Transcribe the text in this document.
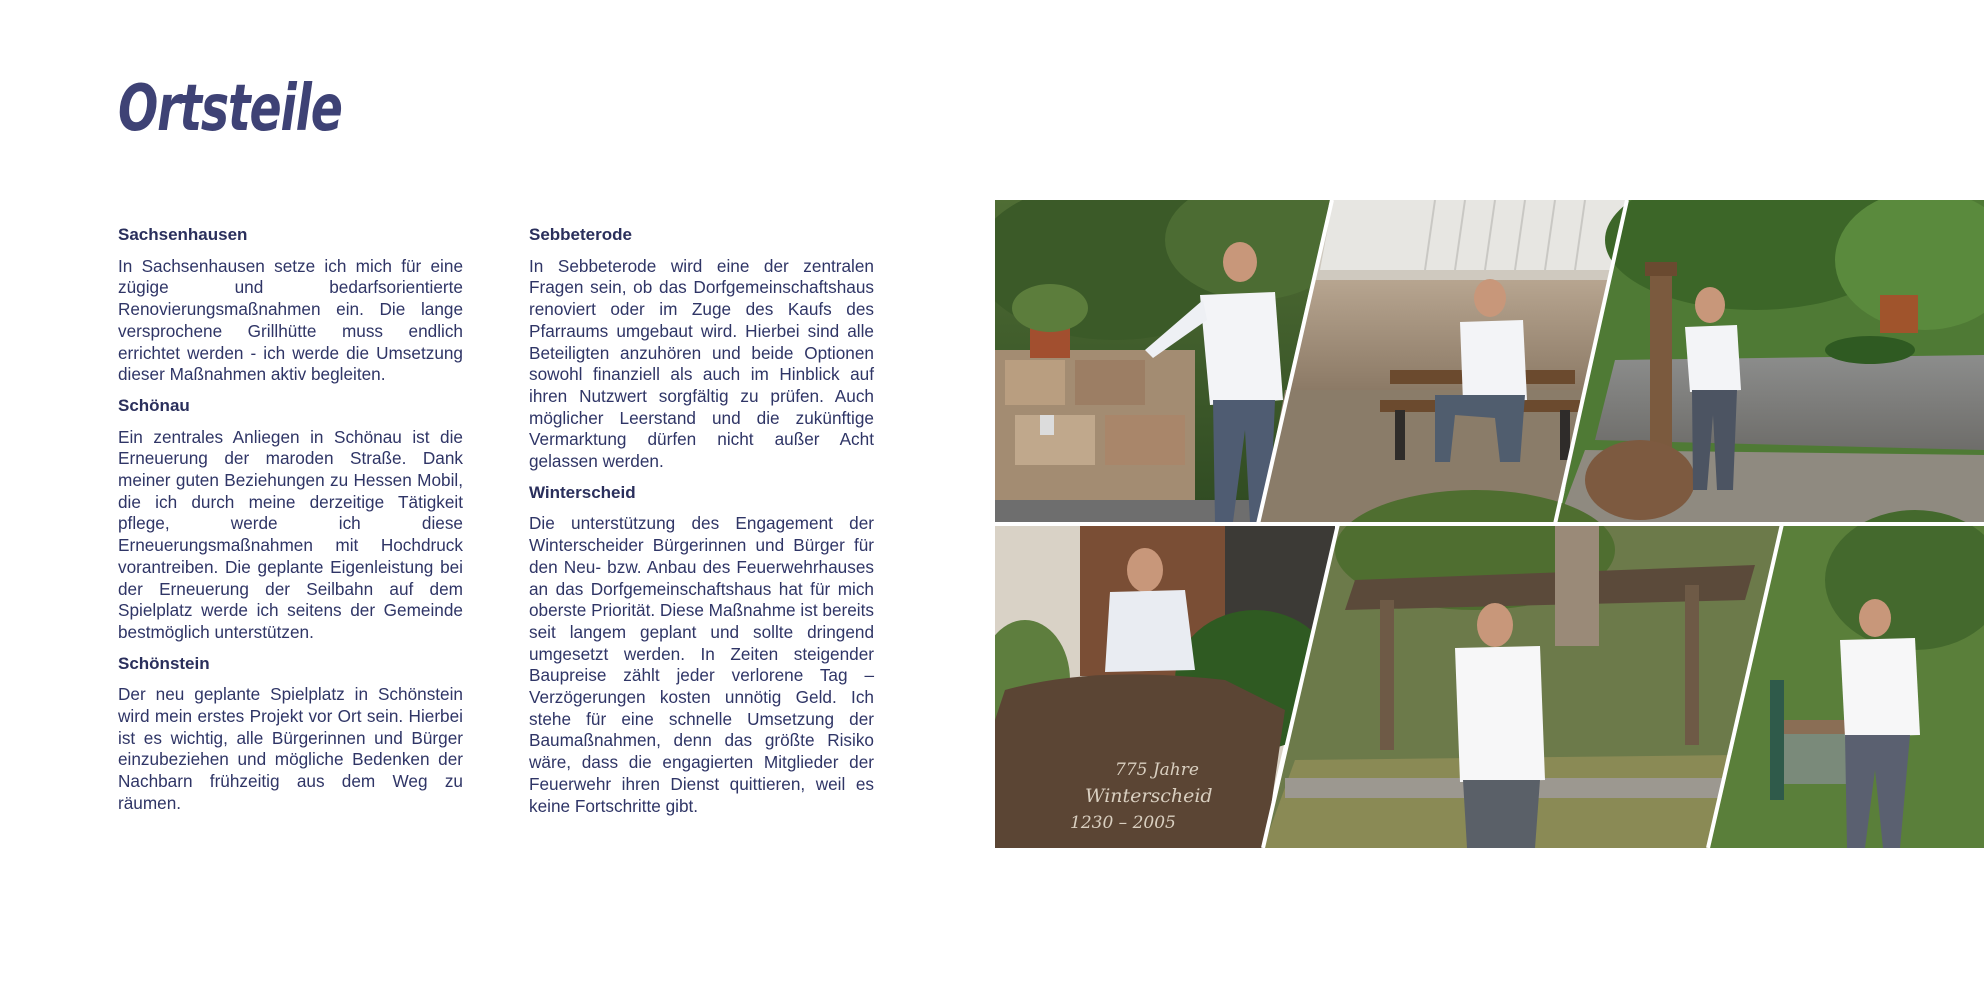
Ortsteile
Sachsenhausen

In Sachsenhausen setze ich mich für eine zügige und bedarfsorientierte Renovierungsmaßnahmen ein. Die lange versprochene Grillhütte muss endlich errichtet werden - ich werde die Umsetzung dieser Maßnahmen aktiv begleiten.

Schönau

Ein zentrales Anliegen in Schönau ist die Erneuerung der maroden Straße. Dank meiner guten Beziehungen zu Hessen Mobil, die ich durch meine derzeitige Tätigkeit pflege, werde ich diese Erneuerungsmaßnahmen mit Hochdruck vorantreiben. Die geplante Eigenleistung bei der Erneuerung der Seilbahn auf dem Spielplatz werde ich seitens der Gemeinde bestmöglich unterstützen.

Schönstein

Der neu geplante Spielplatz in Schönstein wird mein erstes Projekt vor Ort sein. Hierbei ist es wichtig, alle Bürgerinnen und Bürger einzubeziehen und mögliche Bedenken der Nachbarn frühzeitig aus dem Weg zu räumen.

Sebbeterode

In Sebbeterode wird eine der zentralen Fragen sein, ob das Dorfgemeinschaftshaus renoviert oder im Zuge des Kaufs des Pfarraums umgebaut wird. Hierbei sind alle Beteiligten anzuhören und beide Optionen sowohl finanziell als auch im Hinblick auf ihren Nutzwert sorgfältig zu prüfen. Auch möglicher Leerstand und die zukünftige Vermarktung dürfen nicht außer Acht gelassen werden.

Winterscheid

Die unterstützung des Engagement der Winterscheider Bürgerinnen und Bürger für den Neu- bzw. Anbau des Feuerwehrhauses an das Dorfgemeinschaftshaus hat für mich oberste Priorität. Diese Maßnahme ist bereits seit langem geplant und sollte dringend umgesetzt werden. In Zeiten steigender Baupreise zählt jeder verlorene Tag – Verzögerungen kosten unnötig Geld. Ich stehe für eine schnelle Umsetzung der Baumaßnahmen, denn das größte Risiko wäre, dass die engagierten Mitglieder der Feuerwehr ihren Dienst quittieren, weil es keine Fortschritte gibt.

775 Jahre
Winterscheid
1230 – 2005
